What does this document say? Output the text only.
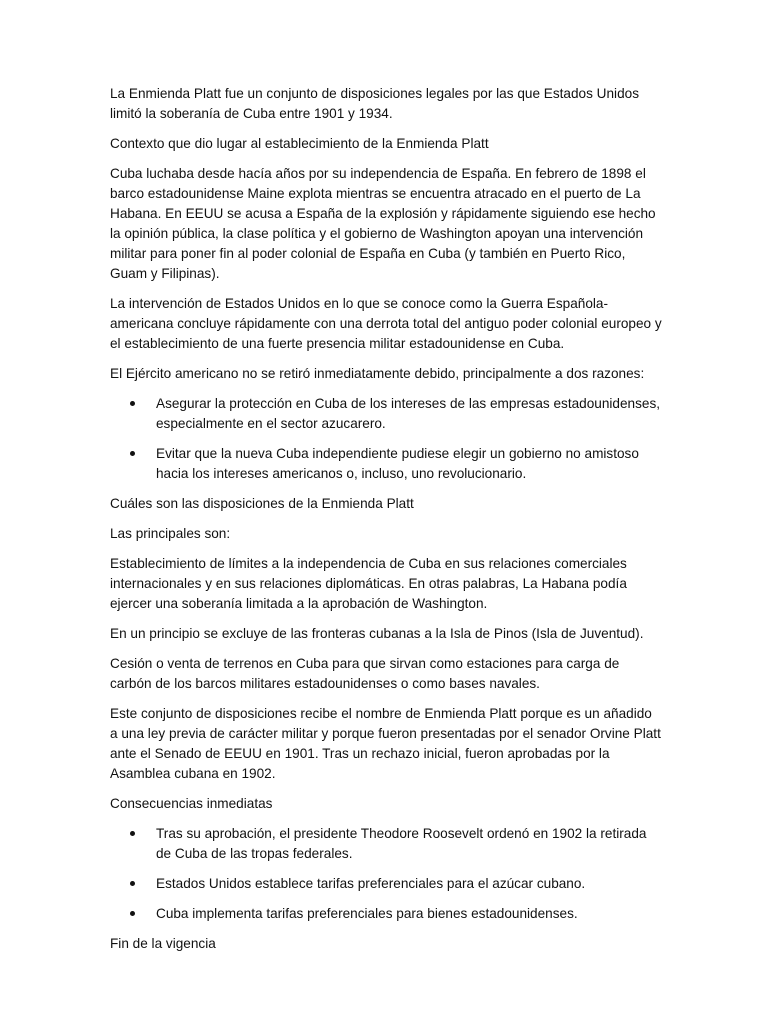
La Enmienda Platt fue un conjunto de disposiciones legales por las que Estados Unidos limitó la soberanía de Cuba entre 1901 y 1934.

Contexto que dio lugar al establecimiento de la Enmienda Platt

Cuba luchaba desde hacía años por su independencia de España. En febrero de 1898 el barco estadounidense Maine explota mientras se encuentra atracado en el puerto de La Habana. En EEUU se acusa a España de la explosión y rápidamente siguiendo ese hecho la opinión pública, la clase política y el gobierno de Washington apoyan una intervención militar para poner fin al poder colonial de España en Cuba (y también en Puerto Rico, Guam y Filipinas).

La intervención de Estados Unidos en lo que se conoce como la Guerra Española-americana concluye rápidamente con una derrota total del antiguo poder colonial europeo y el establecimiento de una fuerte presencia militar estadounidense en Cuba.

El Ejército americano no se retiró inmediatamente debido, principalmente a dos razones:

Asegurar la protección en Cuba de los intereses de las empresas estadounidenses, especialmente en el sector azucarero.
Evitar que la nueva Cuba independiente pudiese elegir un gobierno no amistoso hacia los intereses americanos o, incluso, uno revolucionario.

Cuáles son las disposiciones de la Enmienda Platt

Las principales son:

Establecimiento de límites a la independencia de Cuba en sus relaciones comerciales internacionales y en sus relaciones diplomáticas. En otras palabras, La Habana podía ejercer una soberanía limitada a la aprobación de Washington.

En un principio se excluye de las fronteras cubanas a la Isla de Pinos (Isla de Juventud).

Cesión o venta de terrenos en Cuba para que sirvan como estaciones para carga de carbón de los barcos militares estadounidenses o como bases navales.

Este conjunto de disposiciones recibe el nombre de Enmienda Platt porque es un añadido a una ley previa de carácter militar y porque fueron presentadas por el senador Orvine Platt ante el Senado de EEUU en 1901. Tras un rechazo inicial, fueron aprobadas por la Asamblea cubana en 1902.

Consecuencias inmediatas

Tras su aprobación, el presidente Theodore Roosevelt ordenó en 1902 la retirada de Cuba de las tropas federales.
Estados Unidos establece tarifas preferenciales para el azúcar cubano.
Cuba implementa tarifas preferenciales para bienes estadounidenses.

Fin de la vigencia
